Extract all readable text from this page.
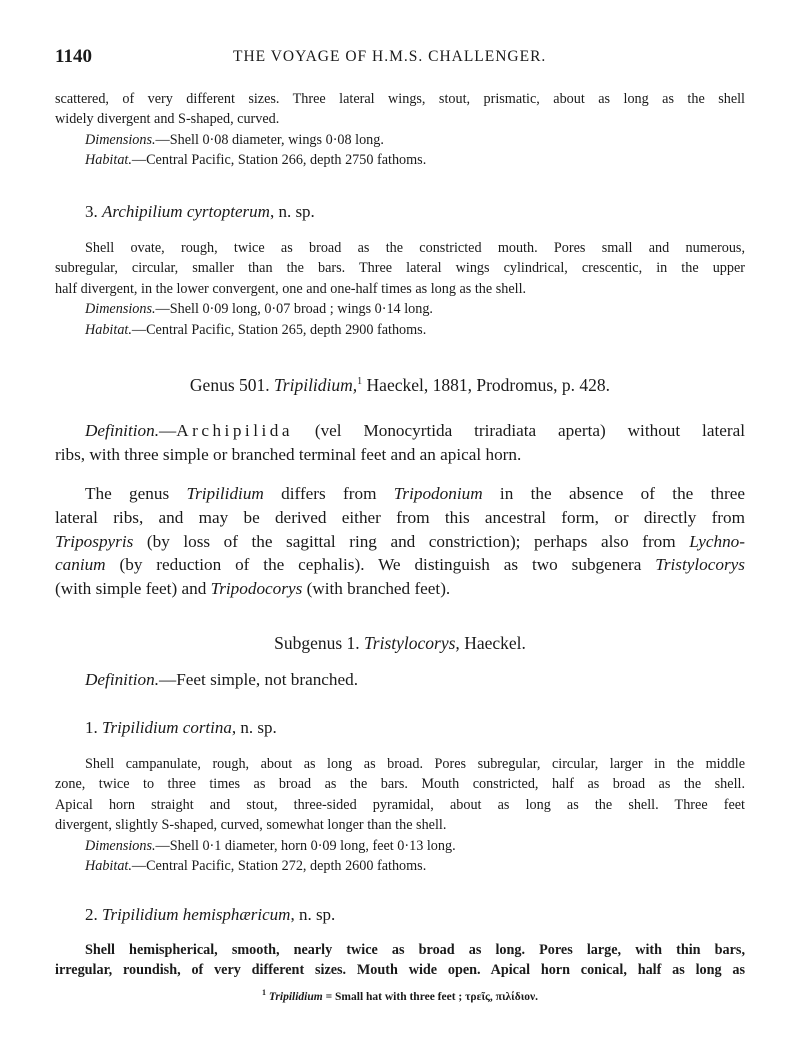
1140	THE VOYAGE OF H.M.S. CHALLENGER.
scattered, of very different sizes. Three lateral wings, stout, prismatic, about as long as the shell
widely divergent and S-shaped, curved.
Dimensions.—Shell 0·08 diameter, wings 0·08 long.
Habitat.—Central Pacific, Station 266, depth 2750 fathoms.
3. Archipilium cyrtopterum, n. sp.
Shell ovate, rough, twice as broad as the constricted mouth. Pores small and numerous,
subregular, circular, smaller than the bars. Three lateral wings cylindrical, crescentic, in the upper
half divergent, in the lower convergent, one and one-half times as long as the shell.
Dimensions.—Shell 0·09 long, 0·07 broad ; wings 0·14 long.
Habitat.—Central Pacific, Station 265, depth 2900 fathoms.
Genus 501. Tripilidium,$^1$ Haeckel, 1881, Prodromus, p. 428.
Definition.—Archipilida (vel Monocyrtida triradiata aperta) without lateral
ribs, with three simple or branched terminal feet and an apical horn.
The genus Tripilidium differs from Tripodonium in the absence of the three
lateral ribs, and may be derived either from this ancestral form, or directly from
Tripospyris (by loss of the sagittal ring and constriction); perhaps also from Lychno-
canium (by reduction of the cephalis). We distinguish as two subgenera Tristylocorys
(with simple feet) and Tripodocorys (with branched feet).
Subgenus 1. Tristylocorys, Haeckel.
Definition.—Feet simple, not branched.
1. Tripilidium cortina, n. sp.
Shell campanulate, rough, about as long as broad. Pores subregular, circular, larger in the middle
zone, twice to three times as broad as the bars. Mouth constricted, half as broad as the shell.
Apical horn straight and stout, three-sided pyramidal, about as long as the shell. Three feet
divergent, slightly S-shaped, curved, somewhat longer than the shell.
Dimensions.—Shell 0·1 diameter, horn 0·09 long, feet 0·13 long.
Habitat.—Central Pacific, Station 272, depth 2600 fathoms.
2. Tripilidium hemisphæricum, n. sp.
Shell hemispherical, smooth, nearly twice as broad as long. Pores large, with thin bars,
irregular, roundish, of very different sizes. Mouth wide open. Apical horn conical, half as long as
$^1$ Tripilidium = Small hat with three feet ; τρεῖς, πιλίδιον.
